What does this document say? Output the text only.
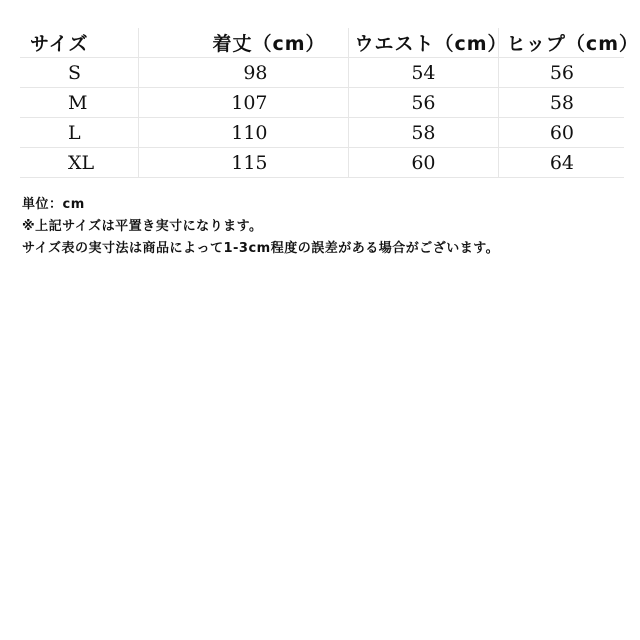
サイズ	着丈（cm）	ウエスト（cm）	ヒップ（cm）
S	98	54	56
M	107	56	58
L	110	58	60
XL	115	60	64

単位：cm

※上記サイズは平置き実寸になります。

サイズ表の実寸法は商品によって1-3cm程度の誤差がある場合がございます。
